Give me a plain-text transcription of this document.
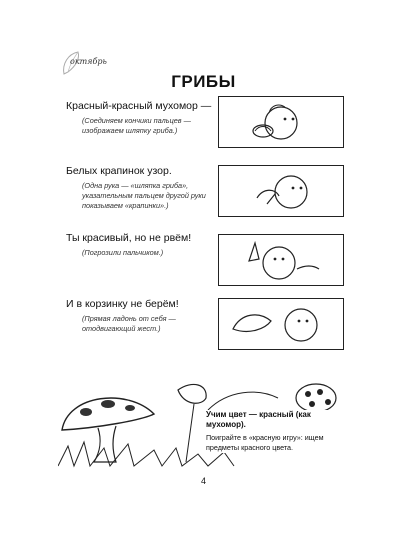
октябрь
ГРИБЫ
Красный-красный мухомор —
(Соединяем кончики пальцев — изображаем шляпку гриба.)
Белых крапинок узор.
(Одна рука — «шляпка гриба», указательным пальцем другой руки показываем «крапинки».)
Ты красивый, но не рвём!
(Погрозили пальчиком.)
И в корзинку не берём!
(Прямая ладонь от себя — отодвигающий жест.)
Учим цвет — красный (как мухомор).
Поиграйте в «красную игру»: ищем предметы красного цвета.
4
